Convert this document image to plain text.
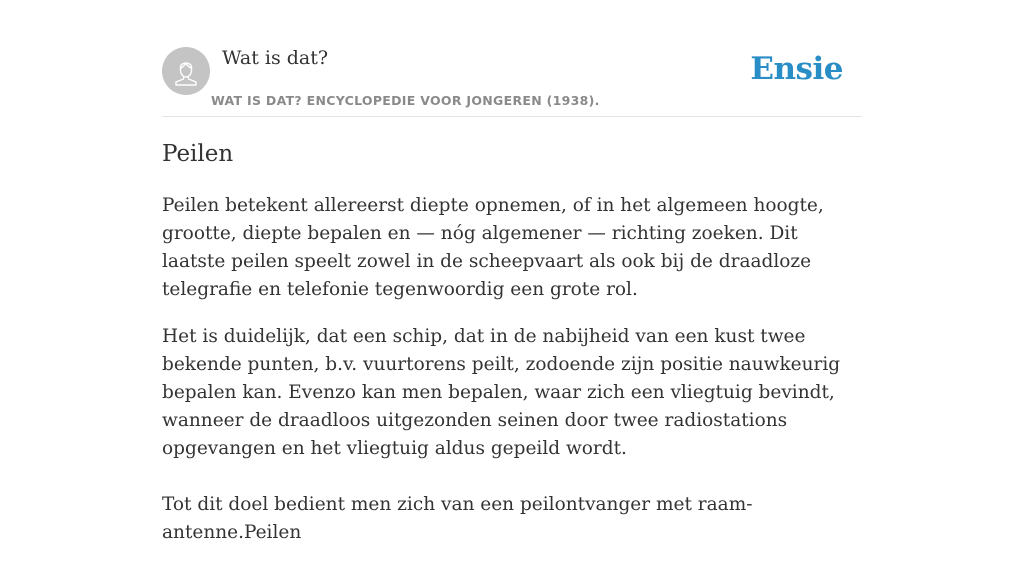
Wat is dat?
WAT IS DAT? ENCYCLOPEDIE VOOR JONGEREN (1938).
Ensie
Peilen

Peilen betekent allereerst diepte opnemen, of in het algemeen hoogte, grootte, diepte bepalen en — nóg algemener — richting zoeken. Dit laatste peilen speelt zowel in de scheepvaart als ook bij de draadloze telegrafie en telefonie tegenwoordig een grote rol.

Het is duidelijk, dat een schip, dat in de nabijheid van een kust twee bekende punten, b.v. vuurtorens peilt, zodoende zijn positie nauwkeurig bepalen kan. Evenzo kan men bepalen, waar zich een vliegtuig bevindt, wanneer de draadloos uitgezonden seinen door twee radiostations opgevangen en het vliegtuig aldus gepeild wordt.

Tot dit doel bedient men zich van een peilontvanger met raam-antenne.Peilen
